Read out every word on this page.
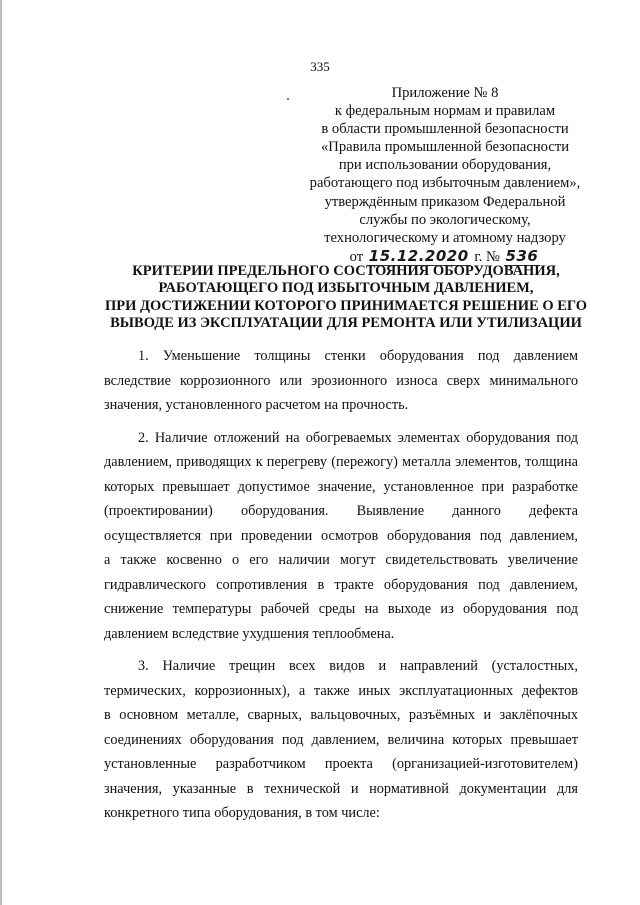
335
Приложение № 8
к федеральным нормам и правилам
в области промышленной безопасности
«Правила промышленной безопасности
при использовании оборудования,
работающего под избыточным давлением»,
утверждённым приказом Федеральной
службы по экологическому,
технологическому и атомному надзору
от 15.12.2020 г. № 536
КРИТЕРИИ ПРЕДЕЛЬНОГО СОСТОЯНИЯ ОБОРУДОВАНИЯ,
РАБОТАЮЩЕГО ПОД ИЗБЫТОЧНЫМ ДАВЛЕНИЕМ,
ПРИ ДОСТИЖЕНИИ КОТОРОГО ПРИНИМАЕТСЯ РЕШЕНИЕ О ЕГО
ВЫВОДЕ ИЗ ЭКСПЛУАТАЦИИ ДЛЯ РЕМОНТА ИЛИ УТИЛИЗАЦИИ
1. Уменьшение толщины стенки оборудования под давлением
вследствие коррозионного или эрозионного износа сверх минимального
значения, установленного расчетом на прочность.
2. Наличие отложений на обогреваемых элементах оборудования под
давлением, приводящих к перегреву (пережогу) металла элементов, толщина
которых превышает допустимое значение, установленное при разработке
(проектировании) оборудования. Выявление данного дефекта
осуществляется при проведении осмотров оборудования под давлением,
а также косвенно о его наличии могут свидетельствовать увеличение
гидравлического сопротивления в тракте оборудования под давлением,
снижение температуры рабочей среды на выходе из оборудования под
давлением вследствие ухудшения теплообмена.
3. Наличие трещин всех видов и направлений (усталостных,
термических, коррозионных), а также иных эксплуатационных дефектов
в основном металле, сварных, вальцовочных, разъёмных и заклёпочных
соединениях оборудования под давлением, величина которых превышает
установленные разработчиком проекта (организацией-изготовителем)
значения, указанные в технической и нормативной документации для
конкретного типа оборудования, в том числе:
